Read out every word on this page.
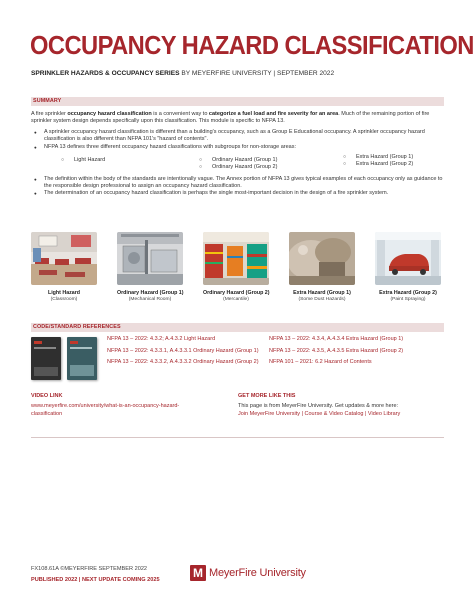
OCCUPANCY HAZARD CLASSIFICATION
SPRINKLER HAZARDS & OCCUPANCY SERIES BY MEYERFIRE UNIVERSITY | SEPTEMBER 2022
SUMMARY
A fire sprinkler occupancy hazard classification is a convenient way to categorize a fuel load and fire severity for an area. Much of the remaining portion of fire sprinkler system design depends specifically upon this classification. This module is specific to NFPA 13.
● A sprinkler occupancy hazard classification is different than a building's occupancy, such as a Group E Educational occupancy. A sprinkler occupancy hazard classification is also different than NFPA 101's "hazard of contents".
● NFPA 13 defines three different occupancy hazard classifications with subgroups for non-storage areas:
○ Light Hazard
○	Ordinary Hazard (Group 1)
○ Ordinary Hazard (Group 2)
○ Extra Hazard (Group 1)
○ Extra Hazard (Group 2)
● The definition within the body of the standards are intentionally vague. The Annex portion of NFPA 13 gives typical examples of each occupancy only as guidance to the responsible design professional to assign an occupancy hazard classification.
● The determination of an occupancy hazard classification is perhaps the single most-important decision in the design of a fire sprinkler system.
Light Hazard
(Classroom)
Ordinary Hazard (Group 1)
(Mechanical Room)
Ordinary Hazard (Group 2)
(Mercantile)
Extra Hazard (Group 1)
(Some Dust Hazards)
Extra Hazard (Group 2)
(Paint Spraying)
CODE/STANDARD REFERENCES
NFPA 13 – 2022: 4.3.2; A.4.3.2 Light Hazard
NFPA 13 – 2022: 4.3.3.1, A.4.3.3.1 Ordinary Hazard (Group 1)
NFPA 13 – 2022: 4.3.3.2, A.4.3.3.2 Ordinary Hazard (Group 2)
NFPA 13 – 2022: 4.3.4, A.4.3.4 Extra Hazard (Group 1)
NFPA 13 – 2022: 4.3.5, A.4.3.5 Extra Hazard (Group 2)
NFPA 101 – 2021: 6.2 Hazard of Contents
VIDEO LINK
www.meyerfire.com/university/what-is-an-occupancy-hazard-
classification
GET MORE LIKE THIS
This page is from MeyerFire University. Get updates & more here:
Join MeyerFire University | Course & Video Catalog | Video Library
FX108.61A ©MEYERFIRE SEPTEMBER 2022
PUBLISHED 2022 | NEXT UPDATE COMING 2025	M MeyerFire University
